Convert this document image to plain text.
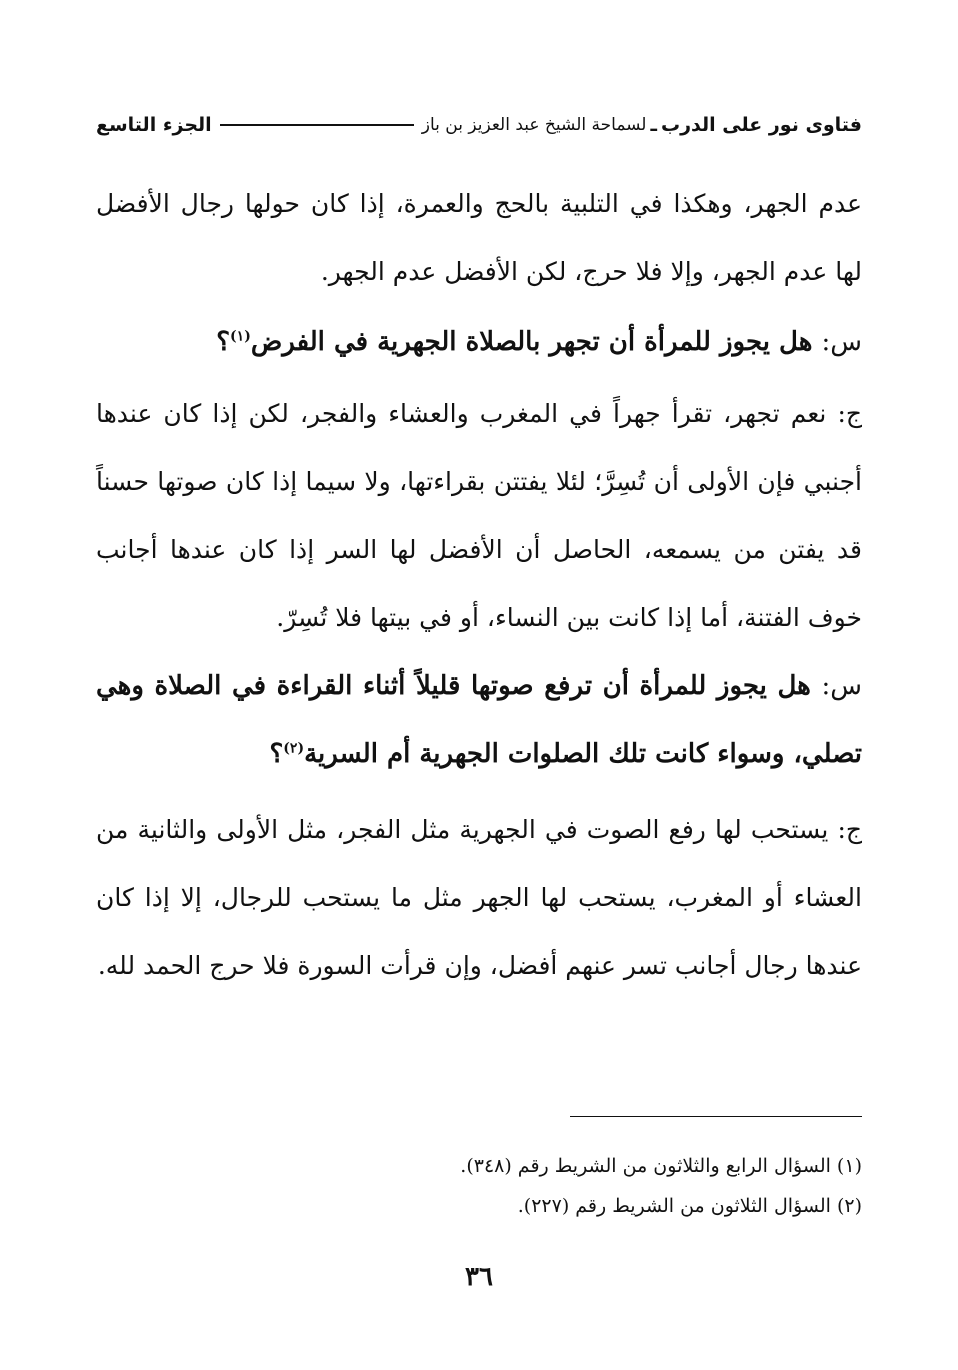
فتاوى نور على الدرب
ـ
لسماحة الشيخ عبد العزيز بن باز
الجزء التاسع
عدم الجهر، وهكذا في التلبية بالحج والعمرة، إذا كان حولها رجال الأفضل لها عدم الجهر، وإلا فلا حرج، لكن الأفضل عدم الجهر.
س: هل يجوز للمرأة أن تجهر بالصلاة الجهرية في الفرض$^{(١)}$؟
ج: نعم تجهر، تقرأ جهراً في المغرب والعشاء والفجر، لكن إذا كان عندها أجنبي فإن الأولى أن تُسِرَّ؛ لئلا يفتتن بقراءتها، ولا سيما إذا كان صوتها حسناً قد يفتن من يسمعه، الحاصل أن الأفضل لها السر إذا كان عندها أجانب خوف الفتنة، أما إذا كانت بين النساء، أو في بيتها فلا تُسِرّ.
س: هل يجوز للمرأة أن ترفع صوتها قليلاً أثناء القراءة في الصلاة وهي تصلي، وسواء كانت تلك الصلوات الجهرية أم السرية$^{(٢)}$؟
ج: يستحب لها رفع الصوت في الجهرية مثل الفجر، مثل الأولى والثانية من العشاء أو المغرب، يستحب لها الجهر مثل ما يستحب للرجال، إلا إذا كان عندها رجال أجانب تسر عنهم أفضل، وإن قرأت السورة فلا حرج الحمد لله.
(١) السؤال الرابع والثلاثون من الشريط رقم (٣٤٨).
(٢) السؤال الثلاثون من الشريط رقم (٢٢٧).
٣٦
